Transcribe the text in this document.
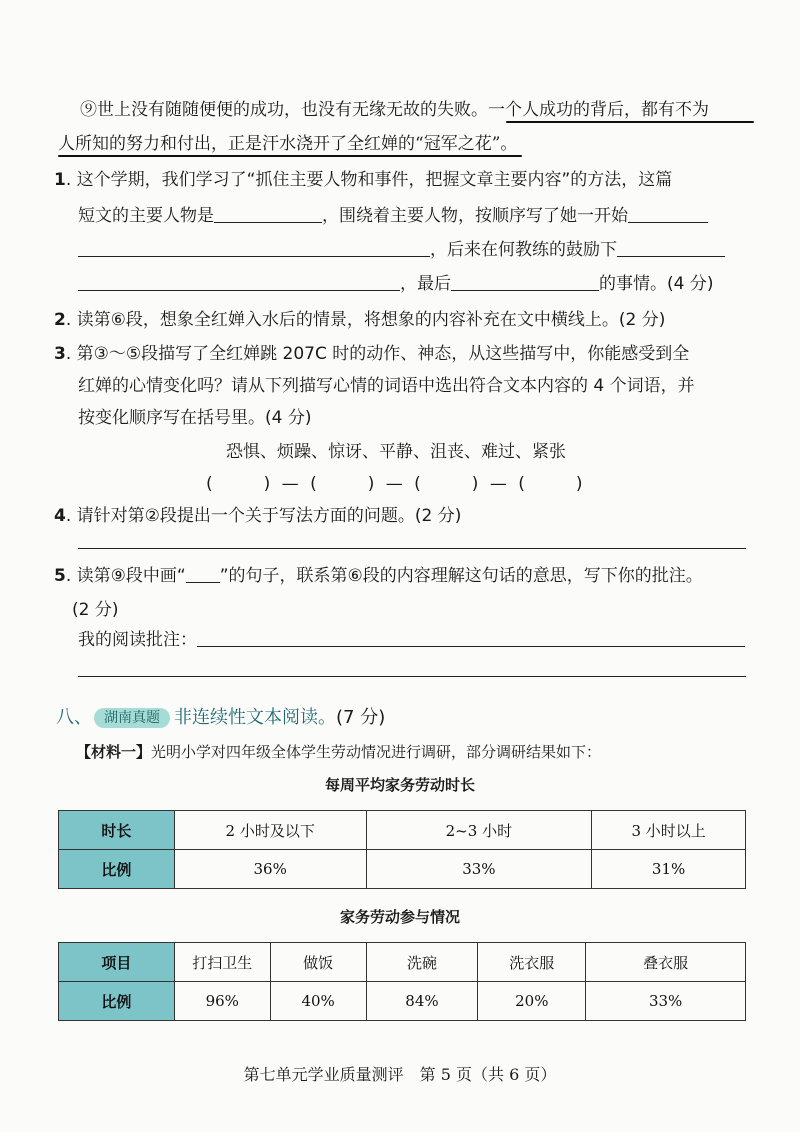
⑨世上没有随随便便的成功，也没有无缘无故的失败。一个人成功的背后，都有不为
人所知的努力和付出，正是汗水浇开了全红婵的“冠军之花”。
1. 这个学期，我们学习了“抓住主要人物和事件，把握文章主要内容”的方法，这篇
短文的主要人物是	，围绕着主要人物，按顺序写了她一开始
，后来在何教练的鼓励下
，最后	的事情。(4 分)
2. 读第⑥段，想象全红婵入水后的情景，将想象的内容补充在文中横线上。(2 分)
3. 第③～⑤段描写了全红婵跳 207C 时的动作、神态，从这些描写中，你能感受到全
红婵的心情变化吗？请从下列描写心情的词语中选出符合文本内容的 4 个词语，并
按变化顺序写在括号里。(4 分)
恐惧、烦躁、惊讶、平静、沮丧、难过、紧张
(　　　) — (　　　) — (　　　) — (　　　)
4. 请针对第②段提出一个关于写法方面的问题。(2 分)
5. 读第⑨段中画“ ”的句子，联系第⑥段的内容理解这句话的意思，写下你的批注。
(2 分)
我的阅读批注：
八、 湖南真题 非连续性文本阅读。(7 分)
【材料一】光明小学对四年级全体学生劳动情况进行调研，部分调研结果如下：
每周平均家务劳动时长
时长	2 小时及以下	2~3 小时	3 小时以上
比例	36%	33%	31%
家务劳动参与情况
项目	打扫卫生	做饭	洗碗	洗衣服	叠衣服
比例	96%	40%	84%	20%	33%
第七单元学业质量测评　第 5 页（共 6 页）
